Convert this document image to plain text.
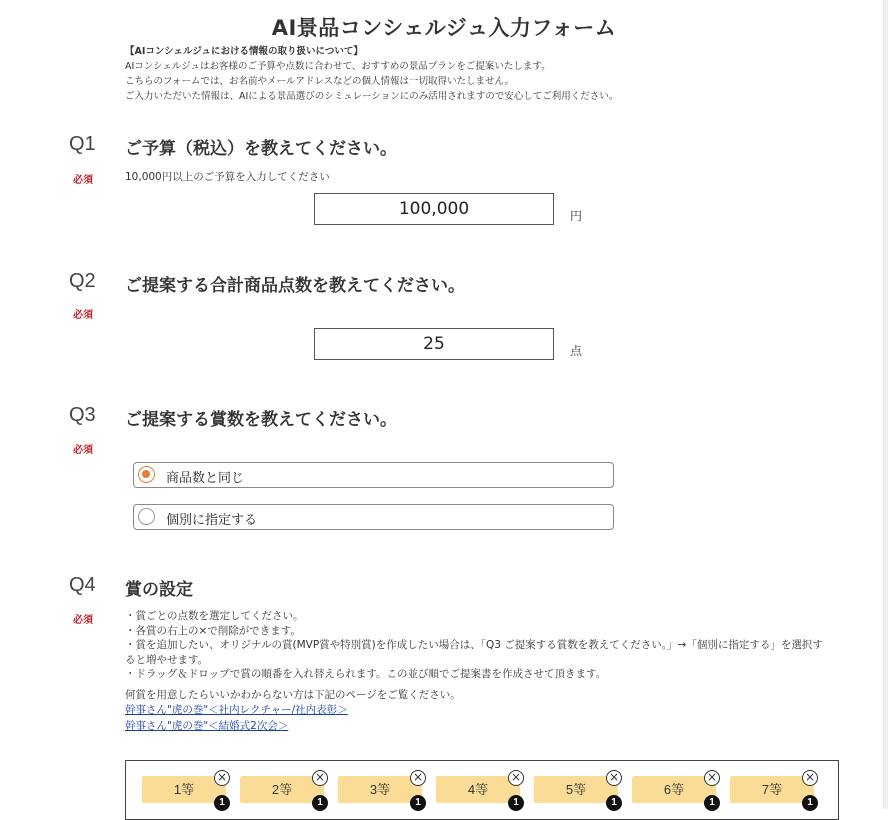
AI景品コンシェルジュ入力フォーム
【AIコンシェルジュにおける情報の取り扱いについて】
AIコンシェルジュはお客様のご予算や点数に合わせて、おすすめの景品プランをご提案いたします。
こちらのフォームでは、お名前やメールアドレスなどの個人情報は一切取得いたしません。
ご入力いただいた情報は、AIによる景品選びのシミュレーションにのみ活用されますので安心してご利用ください。
Q1 ご予算（税込）を教えてください。
必須	10,000円以上のご予算を入力してください
100,000	円
Q2 ご提案する合計商品点数を教えてください。
必須
25	点
Q3 ご提案する賞数を教えてください。
必須
商品数と同じ
個別に指定する
Q4 賞の設定
必須	・賞ごとの点数を選定してください。
・各賞の右上の×で削除ができます。
・賞を追加したい、オリジナルの賞(MVP賞や特別賞)を作成したい場合は、「Q3 ご提案する賞数を教えてください。」→「個別に指定する」を選択すると増やせます。
・ドラッグ＆ドロップで賞の順番を入れ替えられます。この並び順でご提案書を作成させて頂きます。
何賞を用意したらいいかわからない方は下記のページをご覧ください。
幹事さん"虎の巻"＜社内レクチャー/社内表彰＞
幹事さん"虎の巻"＜結婚式2次会＞
1等
×
1
2等
×
1
3等
×
1
4等
×
1
5等
×
1
6等
×
1
7等
×
1
